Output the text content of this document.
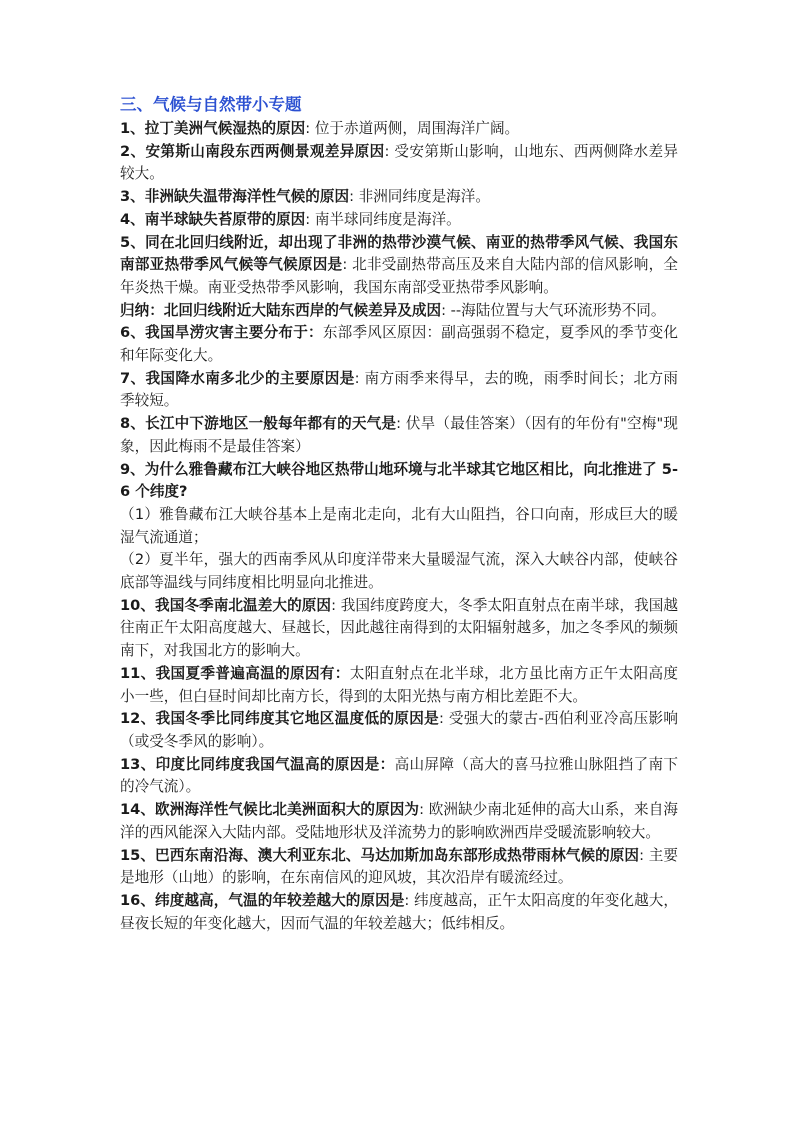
三、气候与自然带小专题

1、拉丁美洲气候湿热的原因: 位于赤道两侧，周围海洋广阔。

2、安第斯山南段东西两侧景观差异原因: 受安第斯山影响，山地东、西两侧降水差异较大。

3、非洲缺失温带海洋性气候的原因: 非洲同纬度是海洋。

4、南半球缺失苔原带的原因: 南半球同纬度是海洋。

5、同在北回归线附近，却出现了非洲的热带沙漠气候、南亚的热带季风气候、我国东南部亚热带季风气候等气候原因是: 北非受副热带高压及来自大陆内部的信风影响，全年炎热干燥。南亚受热带季风影响，我国东南部受亚热带季风影响。

归纳：北回归线附近大陆东西岸的气候差异及成因: --海陆位置与大气环流形势不同。

6、我国旱涝灾害主要分布于：东部季风区原因：副高强弱不稳定，夏季风的季节变化和年际变化大。

7、我国降水南多北少的主要原因是: 南方雨季来得早，去的晚，雨季时间长；北方雨季较短。

8、长江中下游地区一般每年都有的天气是: 伏旱（最佳答案）（因有的年份有"空梅"现象，因此梅雨不是最佳答案）

9、为什么雅鲁藏布江大峡谷地区热带山地环境与北半球其它地区相比，向北推进了 5-6 个纬度?

（1）雅鲁藏布江大峡谷基本上是南北走向，北有大山阻挡，谷口向南，形成巨大的暖湿气流通道；

（2）夏半年，强大的西南季风从印度洋带来大量暖湿气流，深入大峡谷内部，使峡谷底部等温线与同纬度相比明显向北推进。

10、我国冬季南北温差大的原因: 我国纬度跨度大，冬季太阳直射点在南半球，我国越往南正午太阳高度越大、昼越长，因此越往南得到的太阳辐射越多，加之冬季风的频频南下，对我国北方的影响大。

11、我国夏季普遍高温的原因有：太阳直射点在北半球，北方虽比南方正午太阳高度小一些，但白昼时间却比南方长，得到的太阳光热与南方相比差距不大。

12、我国冬季比同纬度其它地区温度低的原因是: 受强大的蒙古-西伯利亚冷高压影响（或受冬季风的影响）。

13、印度比同纬度我国气温高的原因是：高山屏障（高大的喜马拉雅山脉阻挡了南下的冷气流）。

14、欧洲海洋性气候比北美洲面积大的原因为: 欧洲缺少南北延伸的高大山系，来自海洋的西风能深入大陆内部。受陆地形状及洋流势力的影响欧洲西岸受暖流影响较大。

15、巴西东南沿海、澳大利亚东北、马达加斯加岛东部形成热带雨林气候的原因: 主要是地形（山地）的影响，在东南信风的迎风坡，其次沿岸有暖流经过。

16、纬度越高，气温的年较差越大的原因是: 纬度越高，正午太阳高度的年变化越大，昼夜长短的年变化越大，因而气温的年较差越大；低纬相反。
